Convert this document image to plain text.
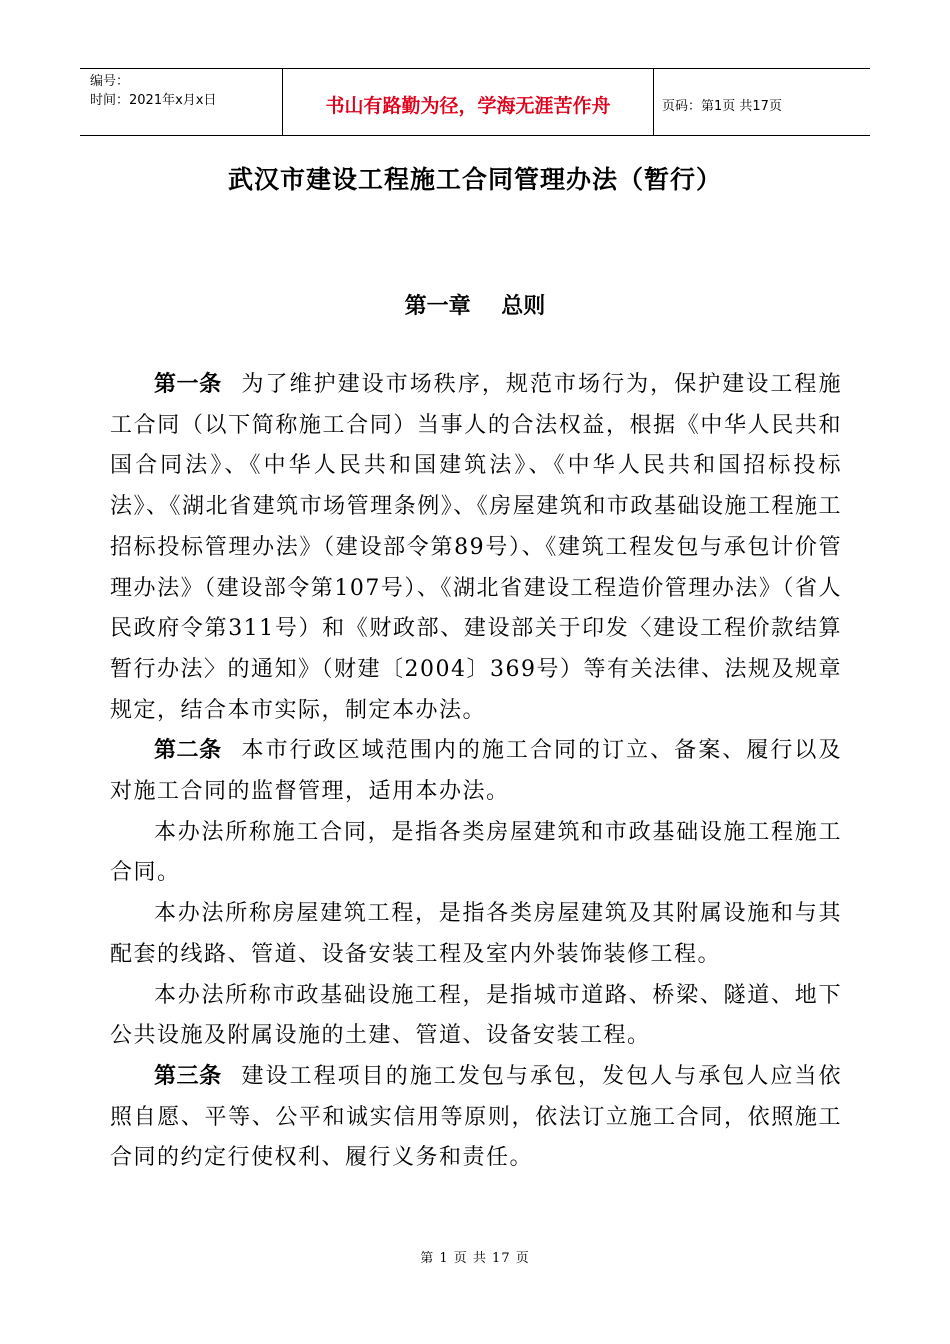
编号：
时间：2021年x月x日	书山有路勤为径，学海无涯苦作舟	页码：第1页 共17页
武汉市建设工程施工合同管理办法（暂行）
第一章    总则

第一条 为了维护建设市场秩序，规范市场行为，保护建设工程施工合同（以下简称施工合同）当事人的合法权益，根据《中华人民共和国合同法》、《中华人民共和国建筑法》、《中华人民共和国招标投标法》、《湖北省建筑市场管理条例》、《房屋建筑和市政基础设施工程施工招标投标管理办法》（建设部令第89号）、《建筑工程发包与承包计价管理办法》（建设部令第107号）、《湖北省建设工程造价管理办法》（省人民政府令第311号）和《财政部、建设部关于印发〈建设工程价款结算暂行办法〉的通知》（财建〔2004〕369号）等有关法律、法规及规章规定，结合本市实际，制定本办法。

第二条 本市行政区域范围内的施工合同的订立、备案、履行以及对施工合同的监督管理，适用本办法。

本办法所称施工合同，是指各类房屋建筑和市政基础设施工程施工合同。

本办法所称房屋建筑工程，是指各类房屋建筑及其附属设施和与其配套的线路、管道、设备安装工程及室内外装饰装修工程。

本办法所称市政基础设施工程，是指城市道路、桥梁、隧道、地下公共设施及附属设施的土建、管道、设备安装工程。

第三条 建设工程项目的施工发包与承包，发包人与承包人应当依照自愿、平等、公平和诚实信用等原则，依法订立施工合同，依照施工合同的约定行使权利、履行义务和责任。

第 1 页 共 17 页
